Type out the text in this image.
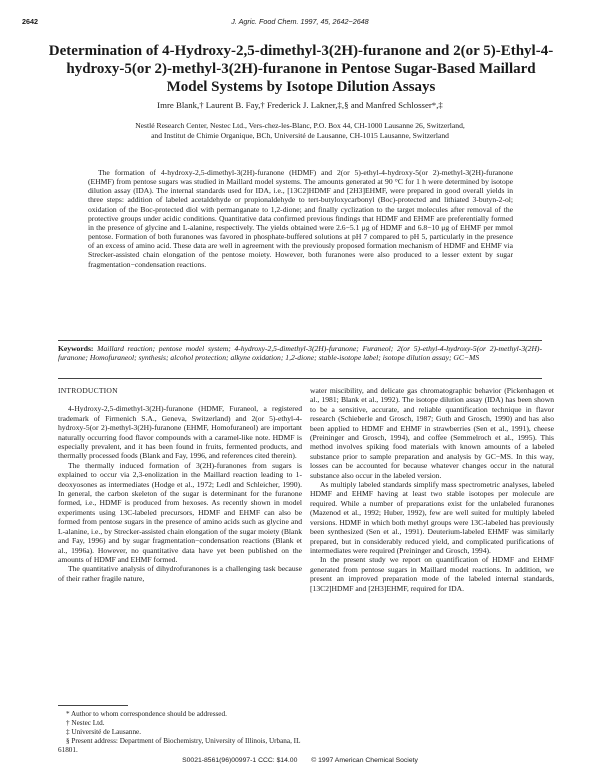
2642	J. Agric. Food Chem. 1997, 45, 2642−2648
Determination of 4-Hydroxy-2,5-dimethyl-3(2H)-furanone and 2(or 5)-Ethyl-4-hydroxy-5(or 2)-methyl-3(2H)-furanone in Pentose Sugar-Based Maillard Model Systems by Isotope Dilution Assays
Imre Blank,† Laurent B. Fay,† Frederick J. Lakner,‡,§ and Manfred Schlosser*,‡
Nestlé Research Center, Nestec Ltd., Vers-chez-les-Blanc, P.O. Box 44, CH-1000 Lausanne 26, Switzerland,
and Institut de Chimie Organique, BCh, Université de Lausanne, CH-1015 Lausanne, Switzerland

The formation of 4-hydroxy-2,5-dimethyl-3(2H)-furanone (HDMF) and 2(or 5)-ethyl-4-hydroxy-5(or 2)-methyl-3(2H)-furanone (EHMF) from pentose sugars was studied in Maillard model systems. The amounts generated at 90 °C for 1 h were determined by isotope dilution assay (IDA). The internal standards used for IDA, i.e., [13C2]HDMF and [2H3]EHMF, were prepared in good overall yields in three steps: addition of labeled acetaldehyde or propionaldehyde to tert-butyloxycarbonyl (Boc)-protected and lithiated 3-butyn-2-ol; oxidation of the Boc-protected diol with permanganate to 1,2-dione; and finally cyclization to the target molecules after removal of the protective groups under acidic conditions. Quantitative data confirmed previous findings that HDMF and EHMF are preferentially formed in the presence of glycine and L-alanine, respectively. The yields obtained were 2.6−5.1 μg of HDMF and 6.8−10 μg of EHMF per mmol pentose. Formation of both furanones was favored in phosphate-buffered solutions at pH 7 compared to pH 5, particularly in the presence of an excess of amino acid. These data are well in agreement with the previously proposed formation mechanism of HDMF and EHMF via Strecker-assisted chain elongation of the pentose moiety. However, both furanones were also produced to a lesser extent by sugar fragmentation−condensation reactions.

Keywords: Maillard reaction; pentose model system; 4-hydroxy-2,5-dimethyl-3(2H)-furanone; Furaneol; 2(or 5)-ethyl-4-hydroxy-5(or 2)-methyl-3(2H)-furanone; Homofuraneol; synthesis; alcohol protection; alkyne oxidation; 1,2-dione; stable-isotope label; isotope dilution assay; GC−MS
INTRODUCTION

4-Hydroxy-2,5-dimethyl-3(2H)-furanone (HDMF, Furaneol, a registered trademark of Firmenich S.A., Geneva, Switzerland) and 2(or 5)-ethyl-4-hydroxy-5(or 2)-methyl-3(2H)-furanone (EHMF, Homofuraneol) are important naturally occurring food flavor compounds with a caramel-like note. HDMF is especially prevalent, and it has been found in fruits, fermented products, and thermally processed foods (Blank and Fay, 1996, and references cited therein).

The thermally induced formation of 3(2H)-furanones from sugars is explained to occur via 2,3-enolization in the Maillard reaction leading to 1-deoxyosones as intermediates (Hodge et al., 1972; Ledl and Schleicher, 1990). In general, the carbon skeleton of the sugar is determinant for the furanone formed, i.e., HDMF is produced from hexoses. As recently shown in model experiments using 13C-labeled precursors, HDMF and EHMF can also be formed from pentose sugars in the presence of amino acids such as glycine and L-alanine, i.e., by Strecker-assisted chain elongation of the sugar moiety (Blank and Fay, 1996) and by sugar fragmentation−condensation reactions (Blank et al., 1996a). However, no quantitative data have yet been published on the amounts of HDMF and EHMF formed.

The quantitative analysis of dihydrofuranones is a challenging task because of their rather fragile nature,

water miscibility, and delicate gas chromatographic behavior (Pickenhagen et al., 1981; Blank et al., 1992). The isotope dilution assay (IDA) has been shown to be a sensitive, accurate, and reliable quantification technique in flavor research (Schieberle and Grosch, 1987; Guth and Grosch, 1990) and has also been applied to HDMF and EHMF in strawberries (Sen et al., 1991), cheese (Preininger and Grosch, 1994), and coffee (Semmelroch et al., 1995). This method involves spiking food materials with known amounts of a labeled substance prior to sample preparation and analysis by GC−MS. In this way, losses can be accounted for because whatever changes occur in the natural substance also occur in the labeled version.

As multiply labeled standards simplify mass spectrometric analyses, labeled HDMF and EHMF having at least two stable isotopes per molecule are required. While a number of preparations exist for the unlabeled furanones (Mazenod et al., 1992; Huber, 1992), few are well suited for multiply labeled versions. HDMF in which both methyl groups were 13C-labeled has previously been synthesized (Sen et al., 1991). Deuterium-labeled EHMF was similarly prepared, but in considerably reduced yield, and complicated purifications of intermediates were required (Preininger and Grosch, 1994).

In the present study we report on quantification of HDMF and EHMF generated from pentose sugars in Maillard model reactions. In addition, we present an improved preparation mode of the labeled internal standards, [13C2]HDMF and [2H3]EHMF, required for IDA.

* Author to whom correspondence should be addressed.

† Nestec Ltd.

‡ Université de Lausanne.

§ Present address: Department of Biochemistry, University of Illinois, Urbana, IL 61801.

S0021-8561(96)00997-1 CCC: $14.00 © 1997 American Chemical Society
